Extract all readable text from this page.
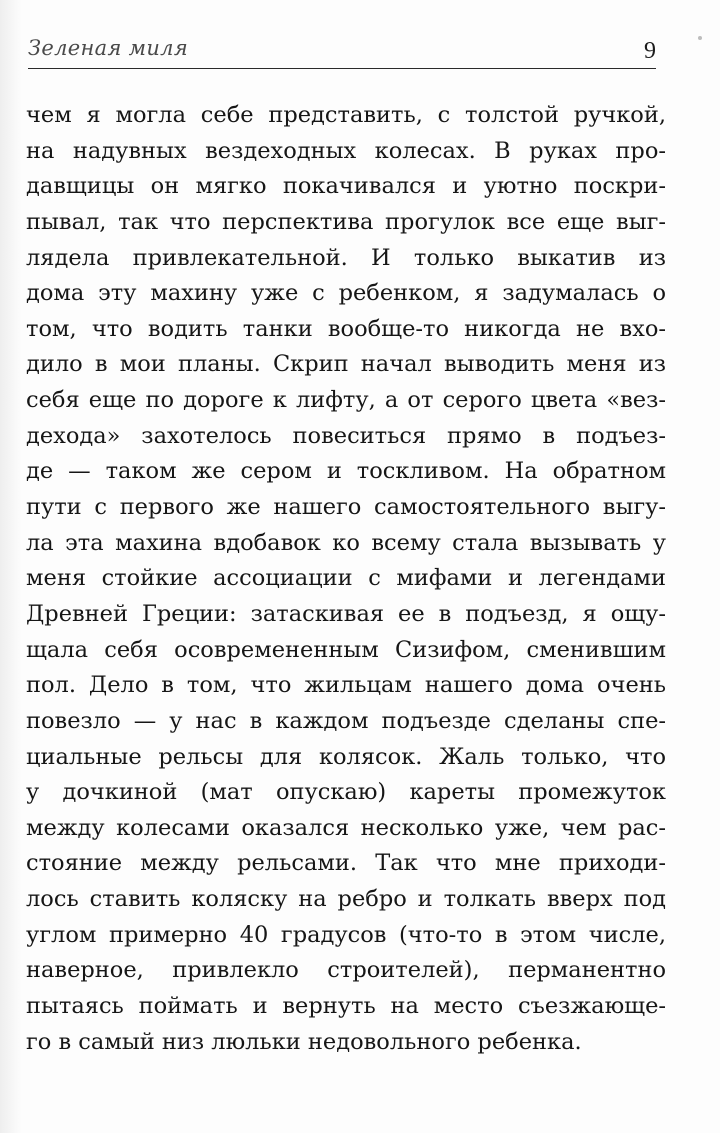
Зеленая миля	9
чем я могла себе представить, с толстой ручкой,
на надувных вездеходных колесах. В руках про-
давщицы он мягко покачивался и уютно поскри-
пывал, так что перспектива прогулок все еще выг-
лядела привлекательной. И только выкатив из
дома эту махину уже с ребенком, я задумалась о
том, что водить танки вообще-то никогда не вхо-
дило в мои планы. Скрип начал выводить меня из
себя еще по дороге к лифту, а от серого цвета «вез-
дехода» захотелось повеситься прямо в подъез-
де — таком же сером и тоскливом. На обратном
пути с первого же нашего самостоятельного выгу-
ла эта махина вдобавок ко всему стала вызывать у
меня стойкие ассоциации с мифами и легендами
Древней Греции: затаскивая ее в подъезд, я ощу-
щала себя осовремененным Сизифом, сменившим
пол. Дело в том, что жильцам нашего дома очень
повезло — у нас в каждом подъезде сделаны спе-
циальные рельсы для колясок. Жаль только, что
у дочкиной (мат опускаю) кареты промежуток
между колесами оказался несколько уже, чем рас-
стояние между рельсами. Так что мне приходи-
лось ставить коляску на ребро и толкать вверх под
углом примерно 40 градусов (что-то в этом числе,
наверное, привлекло строителей), перманентно
пытаясь поймать и вернуть на место съезжающе-
го в самый низ люльки недовольного ребенка.
